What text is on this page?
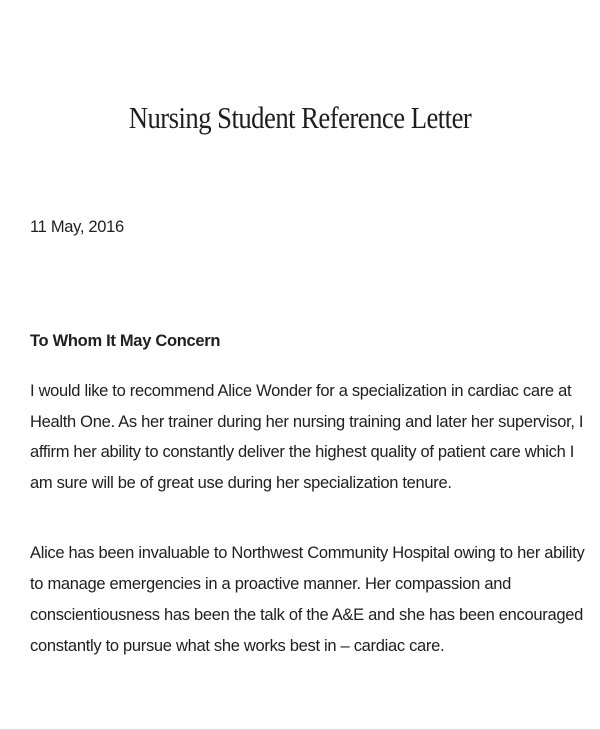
Nursing Student Reference Letter
11 May, 2016
To Whom It May Concern
I would like to recommend Alice Wonder for a specialization in cardiac care at Health One. As her trainer during her nursing training and later her supervisor, I affirm her ability to constantly deliver the highest quality of patient care which I am sure will be of great use during her specialization tenure.
Alice has been invaluable to Northwest Community Hospital owing to her ability to manage emergencies in a proactive manner. Her compassion and conscientiousness has been the talk of the A&E and she has been encouraged constantly to pursue what she works best in – cardiac care.
